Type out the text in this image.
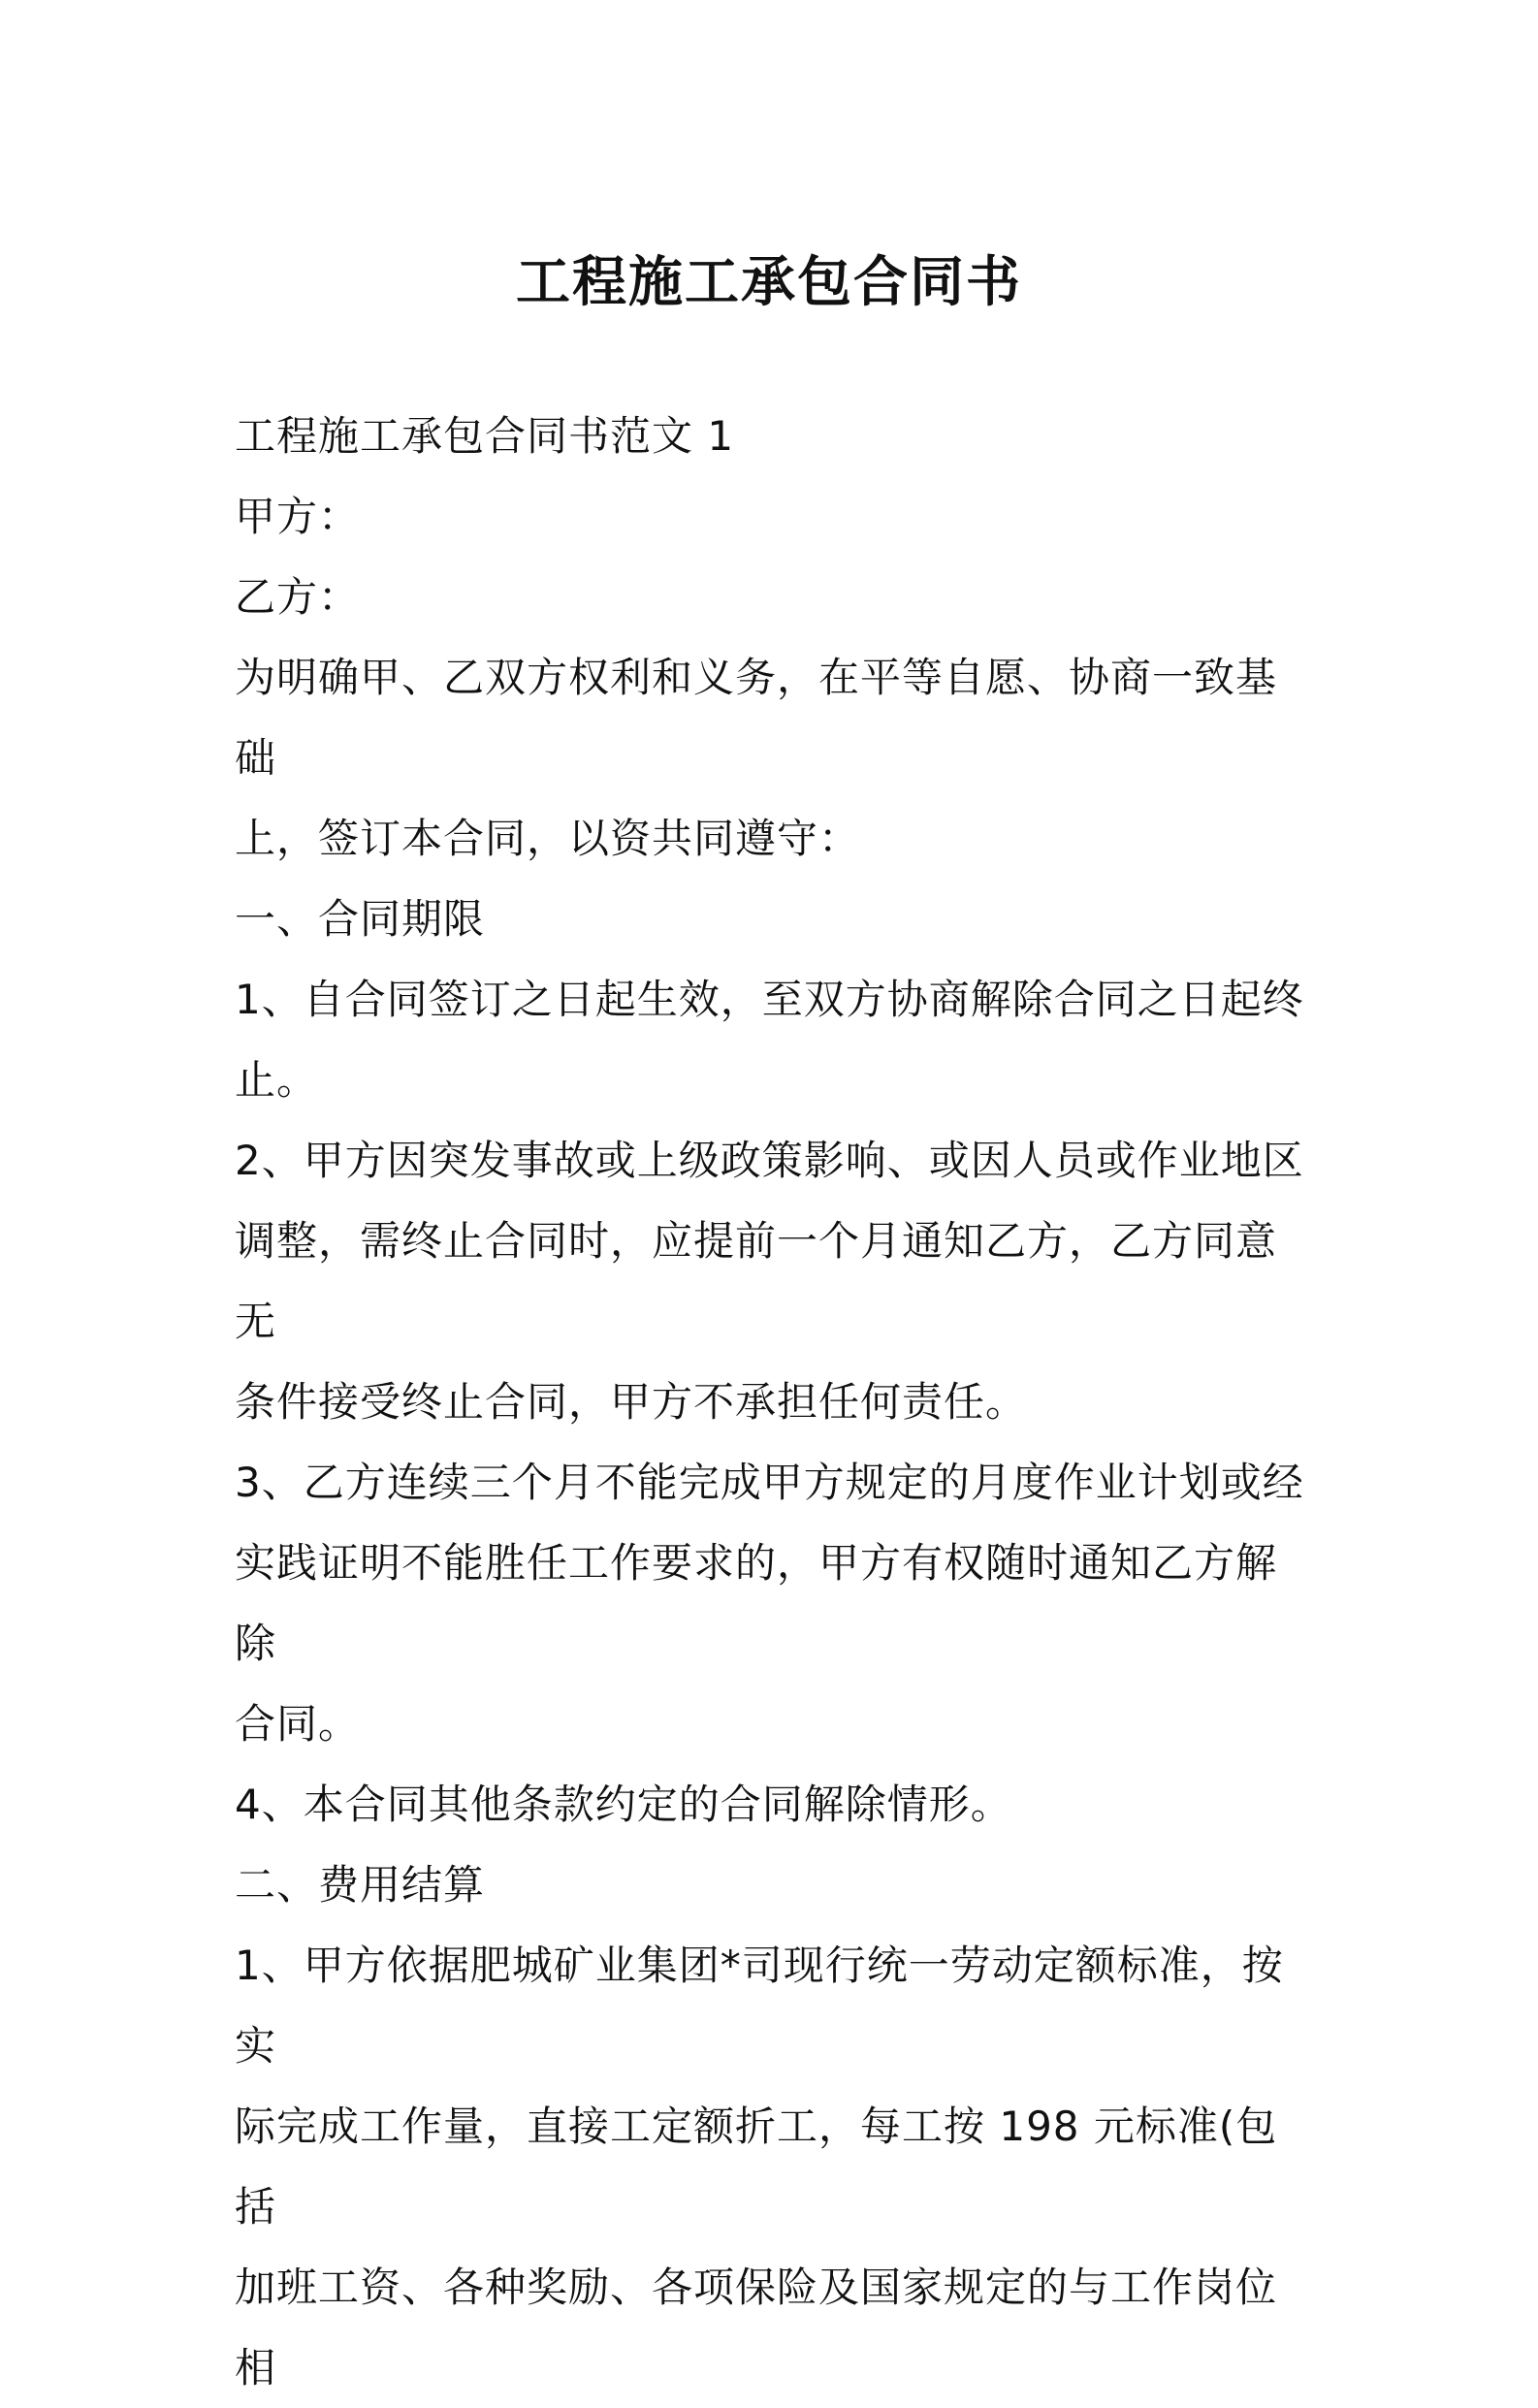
工程施工承包合同书

工程施工承包合同书范文 1

甲方：

乙方：

为明确甲、乙双方权利和义务，在平等自愿、协商一致基础

上，签订本合同，以资共同遵守：

一、合同期限

1、自合同签订之日起生效，至双方协商解除合同之日起终

止。

2、甲方因突发事故或上级政策影响、或因人员或作业地区

调整，需终止合同时，应提前一个月通知乙方，乙方同意无

条件接受终止合同，甲方不承担任何责任。

3、乙方连续三个月不能完成甲方规定的月度作业计划或经

实践证明不能胜任工作要求的，甲方有权随时通知乙方解除

合同。

4、本合同其他条款约定的合同解除情形。

二、费用结算

1、甲方依据肥城矿业集团*司现行统一劳动定额标准，按实

际完成工作量，直接工定额折工，每工按 198 元标准(包括

加班工资、各种奖励、各项保险及国家规定的与工作岗位相
